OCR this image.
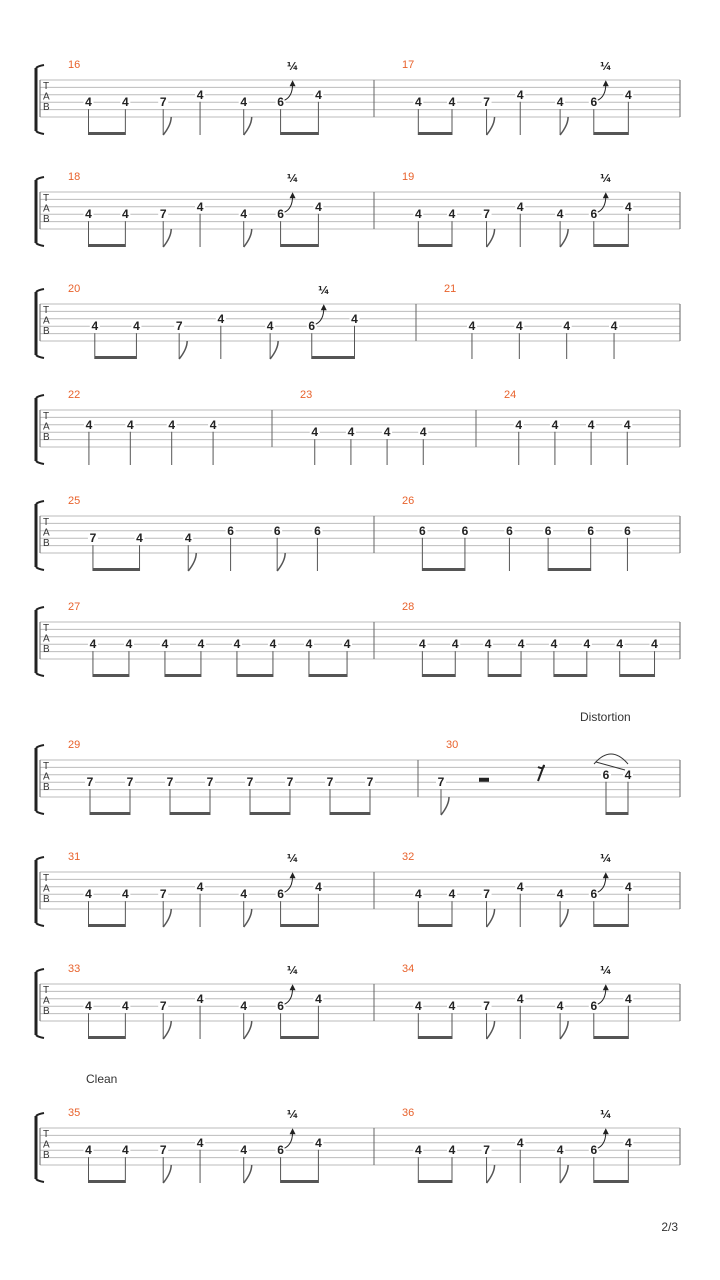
T
A
B
16
4	4	7
4
4	6
¼
4
17
4 4 7
4
4 6
¼
4
T
A
B
18
4	4	7
4
4	6
¼
4
19
4 4 7
4
4 6
¼
4
T
A
B
20
4	4	7
4
4	6
¼
4
21
4	4	4	4
T
A
B
22
4	4	4	4
23
4 4 4 4
24
4 4 4 4
T
A
B
25
7	4	4
6	6	6
26
6	6	6	6	6	6
T
A
B
27
4 4 4 4 4 4 4	4
28
4 4 4 4 4 4 4 4
T
A
B
Distortion
29
7	7	7	7	7	7	7	7
30
7
6 4
T
A
B
31
4	4	7
4
4	6
¼
4
32
4 4 7
4
4 6
¼
4
T
A
B
33
4	4	7
4
4	6
¼
4
34
4 4 7
4
4 6
¼
4
T
A
B
Clean
35
4	4	7
4
4	6
¼
4
36
4 4 7
4
4 6
¼
4
2/3
